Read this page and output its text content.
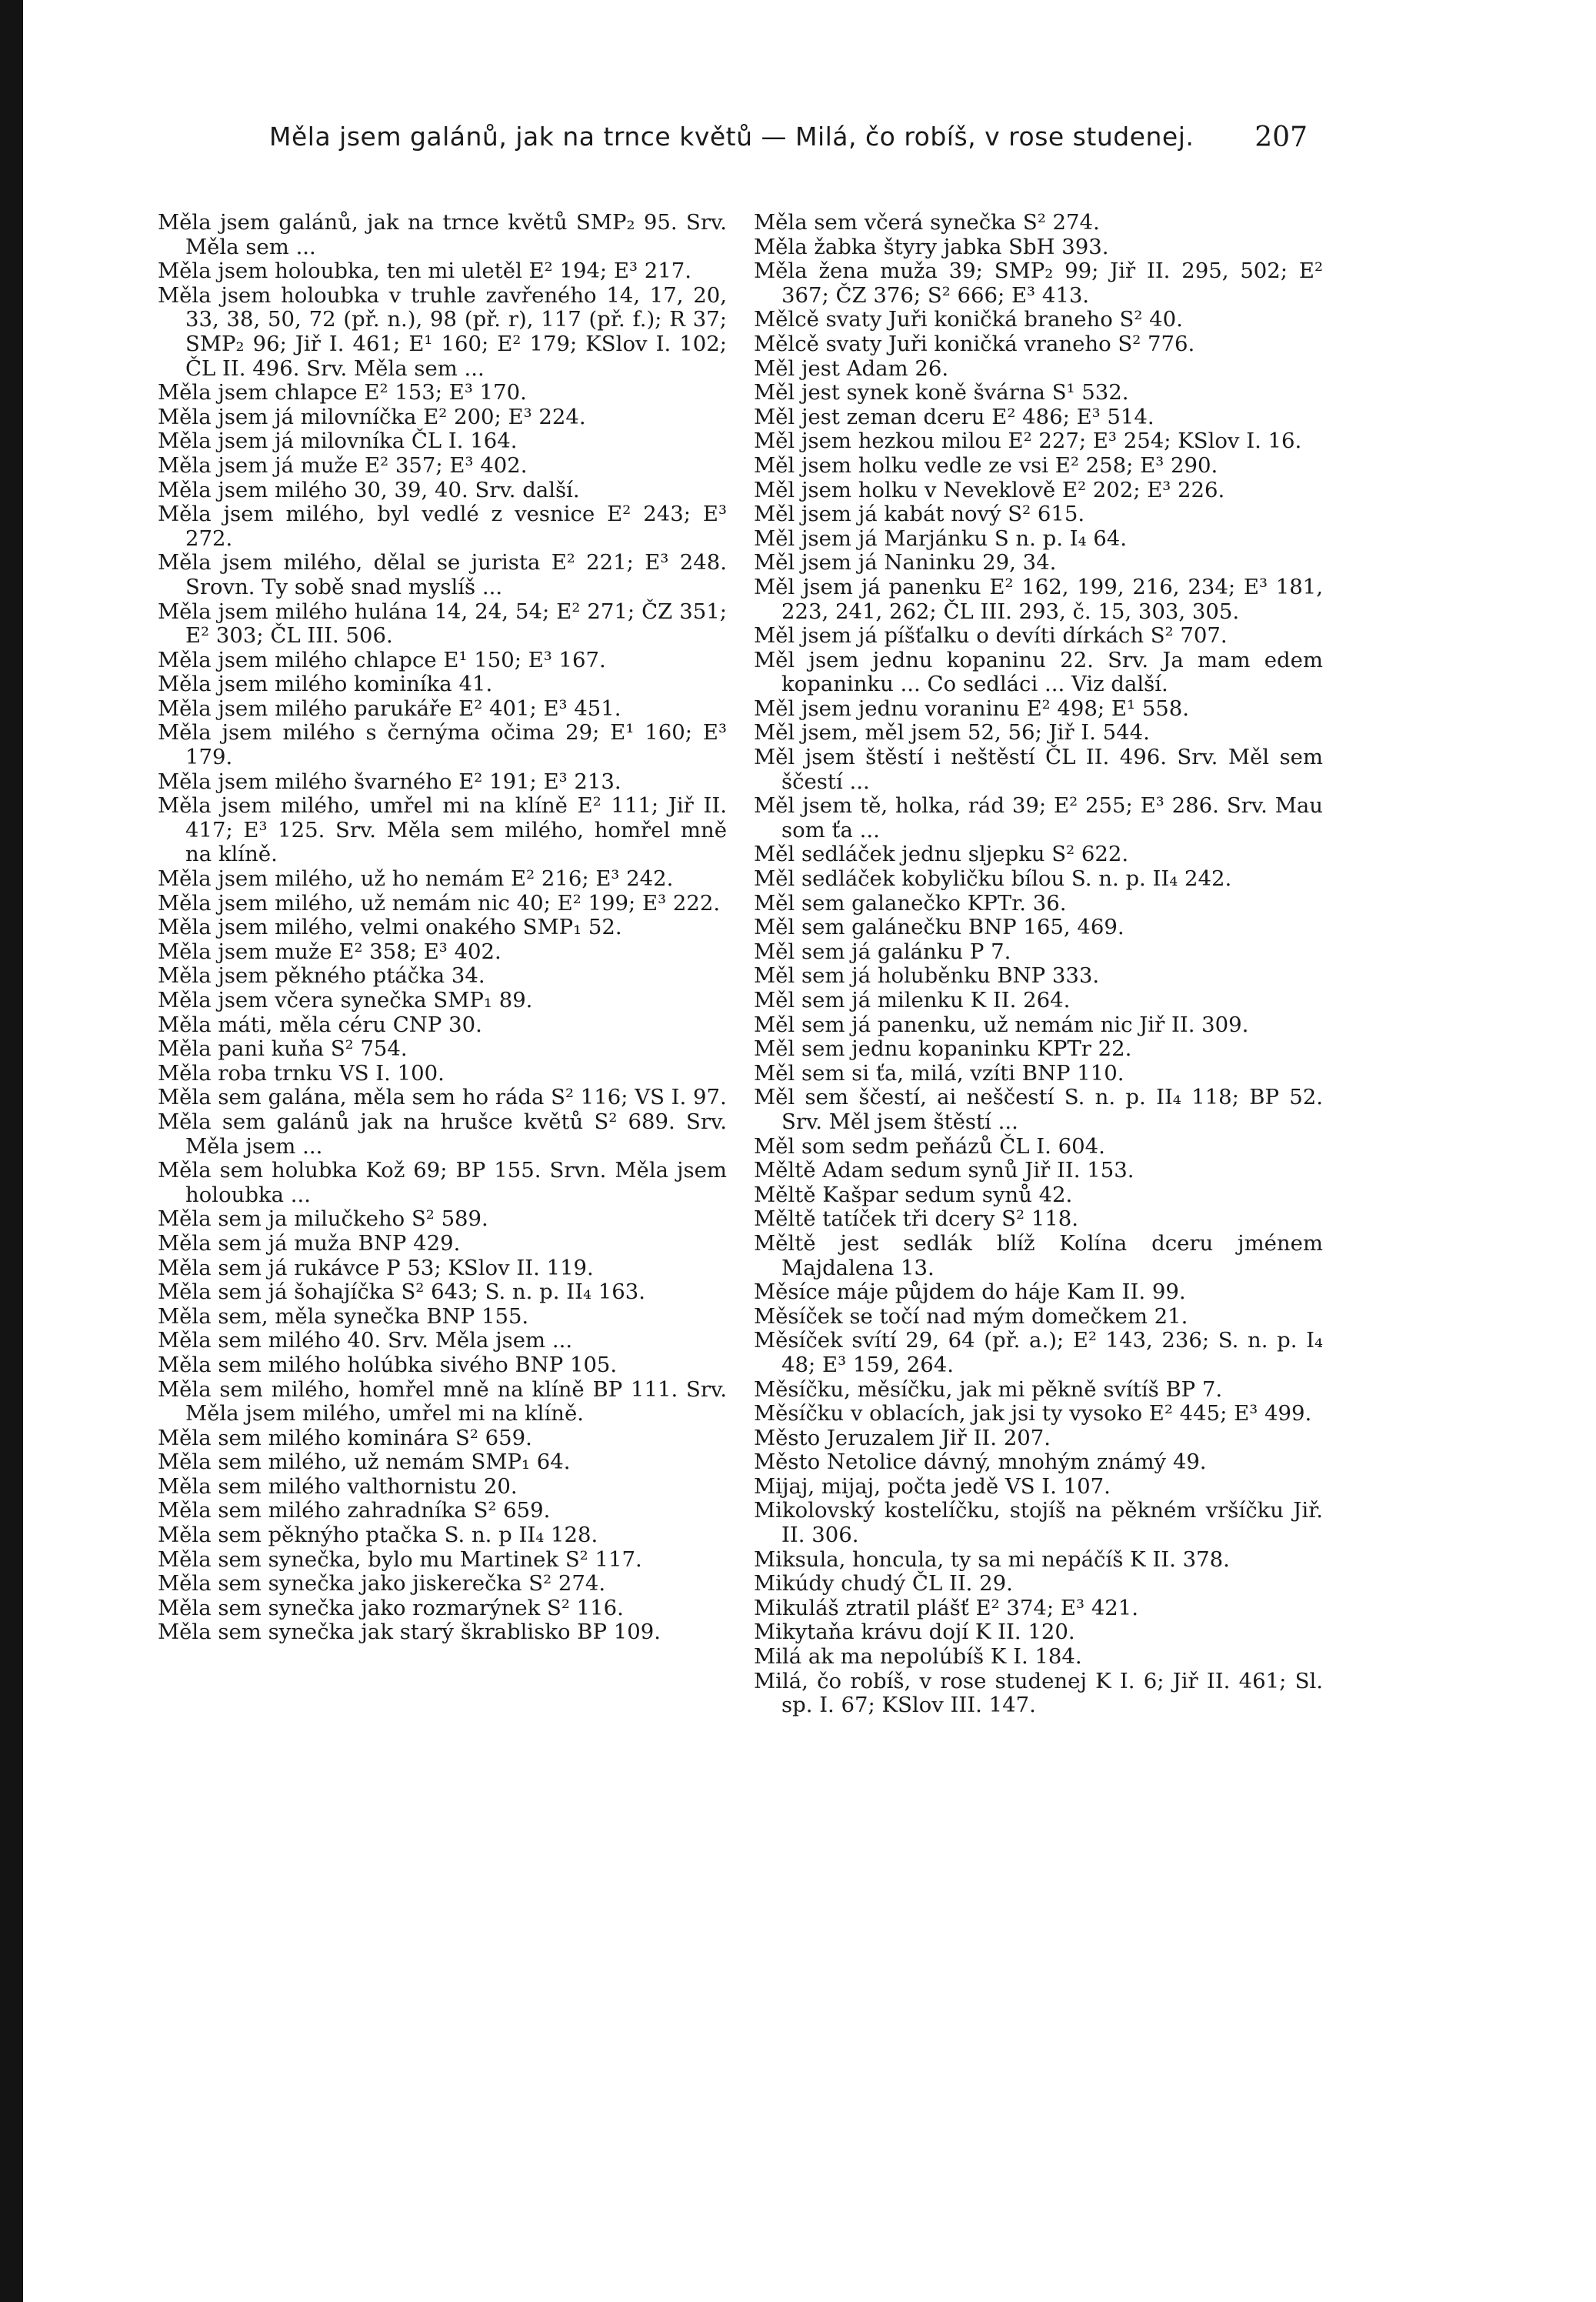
Měla jsem galánů, jak na trnce květů — Milá, čo robíš, v rose studenej. 207
Měla jsem galánů, jak na trnce květů SMP₂ 95. Srv. Měla sem ...
Měla jsem holoubka, ten mi uletěl E² 194; E³ 217.
Měla jsem holoubka v truhle zavřeného 14, 17, 20, 33, 38, 50, 72 (př. n.), 98 (př. r), 117 (př. f.); R 37; SMP₂ 96; Jiř I. 461; E¹ 160; E² 179; KSlov I. 102; ČL II. 496. Srv. Měla sem ...
Měla jsem chlapce E² 153; E³ 170.
Měla jsem já milovníčka E² 200; E³ 224.
Měla jsem já milovníka ČL I. 164.
Měla jsem já muže E² 357; E³ 402.
Měla jsem milého 30, 39, 40. Srv. další.
Měla jsem milého, byl vedlé z vesnice E² 243; E³ 272.
Měla jsem milého, dělal se jurista E² 221; E³ 248. Srovn. Ty sobě snad myslíš ...
Měla jsem milého hulána 14, 24, 54; E² 271; ČZ 351; E² 303; ČL III. 506.
Měla jsem milého chlapce E¹ 150; E³ 167.
Měla jsem milého kominíka 41.
Měla jsem milého parukáře E² 401; E³ 451.
Měla jsem milého s černýma očima 29; E¹ 160; E³ 179.
Měla jsem milého švarného E² 191; E³ 213.
Měla jsem milého, umřel mi na klíně E² 111; Jiř II. 417; E³ 125. Srv. Měla sem milého, homřel mně na klíně.
Měla jsem milého, už ho nemám E² 216; E³ 242.
Měla jsem milého, už nemám nic 40; E² 199; E³ 222.
Měla jsem milého, velmi onakého SMP₁ 52.
Měla jsem muže E² 358; E³ 402.
Měla jsem pěkného ptáčka 34.
Měla jsem včera synečka SMP₁ 89.
Měla máti, měla céru CNP 30.
Měla pani kuňa S² 754.
Měla roba trnku VS I. 100.
Měla sem galána, měla sem ho ráda S² 116; VS I. 97.
Měla sem galánů jak na hrušce květů S² 689. Srv. Měla jsem ...
Měla sem holubka Kož 69; BP 155. Srvn. Měla jsem holoubka ...
Měla sem ja milučkeho S² 589.
Měla sem já muža BNP 429.
Měla sem já rukávce P 53; KSlov II. 119.
Měla sem já šohajíčka S² 643; S. n. p. II₄ 163.
Měla sem, měla synečka BNP 155.
Měla sem milého 40. Srv. Měla jsem ...
Měla sem milého holúbka sivého BNP 105.
Měla sem milého, homřel mně na klíně BP 111. Srv. Měla jsem milého, umřel mi na klíně.
Měla sem milého kominára S² 659.
Měla sem milého, už nemám SMP₁ 64.
Měla sem milého valthornistu 20.
Měla sem milého zahradníka S² 659.
Měla sem pěknýho ptačka S. n. p II₄ 128.
Měla sem synečka, bylo mu Martinek S² 117.
Měla sem synečka jako jiskerečka S² 274.
Měla sem synečka jako rozmarýnek S² 116.
Měla sem synečka jak starý škrablisko BP 109.
Měla sem včerá synečka S² 274.
Měla žabka štyry jabka SbH 393.
Měla žena muža 39; SMP₂ 99; Jiř II. 295, 502; E² 367; ČZ 376; S² 666; E³ 413.
Mělcě svaty Juři koničká braneho S² 40.
Mělcě svaty Juři koničká vraneho S² 776.
Měl jest Adam 26.
Měl jest synek koně švárna S¹ 532.
Měl jest zeman dceru E² 486; E³ 514.
Měl jsem hezkou milou E² 227; E³ 254; KSlov I. 16.
Měl jsem holku vedle ze vsi E² 258; E³ 290.
Měl jsem holku v Neveklově E² 202; E³ 226.
Měl jsem já kabát nový S² 615.
Měl jsem já Marjánku S n. p. I₄ 64.
Měl jsem já Naninku 29, 34.
Měl jsem já panenku E² 162, 199, 216, 234; E³ 181, 223, 241, 262; ČL III. 293, č. 15, 303, 305.
Měl jsem já píšťalku o devíti dírkách S² 707.
Měl jsem jednu kopaninu 22. Srv. Ja mam edem kopaninku ... Co sedláci ... Viz další.
Měl jsem jednu voraninu E² 498; E¹ 558.
Měl jsem, měl jsem 52, 56; Jiř I. 544.
Měl jsem štěstí i neštěstí ČL II. 496. Srv. Měl sem ščestí ...
Měl jsem tě, holka, rád 39; E² 255; E³ 286. Srv. Mau som ťa ...
Měl sedláček jednu sljepku S² 622.
Měl sedláček kobyličku bílou S. n. p. II₄ 242.
Měl sem galanečko KPTr. 36.
Měl sem galánečku BNP 165, 469.
Měl sem já galánku P 7.
Měl sem já holuběnku BNP 333.
Měl sem já milenku K II. 264.
Měl sem já panenku, už nemám nic Jiř II. 309.
Měl sem jednu kopaninku KPTr 22.
Měl sem si ťa, milá, vzíti BNP 110.
Měl sem ščestí, ai neščestí S. n. p. II₄ 118; BP 52. Srv. Měl jsem štěstí ...
Měl som sedm peňázů ČL I. 604.
Měltě Adam sedum synů Jiř II. 153.
Měltě Kašpar sedum synů 42.
Měltě tatíček tři dcery S² 118.
Měltě jest sedlák blíž Kolína dceru jménem Majdalena 13.
Měsíce máje půjdem do háje Kam II. 99.
Měsíček se točí nad mým domečkem 21.
Měsíček svítí 29, 64 (př. a.); E² 143, 236; S. n. p. I₄ 48; E³ 159, 264.
Měsíčku, měsíčku, jak mi pěkně svítíš BP 7.
Měsíčku v oblacích, jak jsi ty vysoko E² 445; E³ 499.
Město Jeruzalem Jiř II. 207.
Město Netolice dávný, mnohým známý 49.
Mijaj, mijaj, počta jedě VS I. 107.
Mikolovský kostelíčku, stojíš na pěkném vršíčku Jiř. II. 306.
Miksula, honcula, ty sa mi nepáčíš K II. 378.
Mikúdy chudý ČL II. 29.
Mikuláš ztratil plášť E² 374; E³ 421.
Mikytaňa krávu dojí K II. 120.
Milá ak ma nepolúbíš K I. 184.
Milá, čo robíš, v rose studenej K I. 6; Jiř II. 461; Sl. sp. I. 67; KSlov III. 147.
